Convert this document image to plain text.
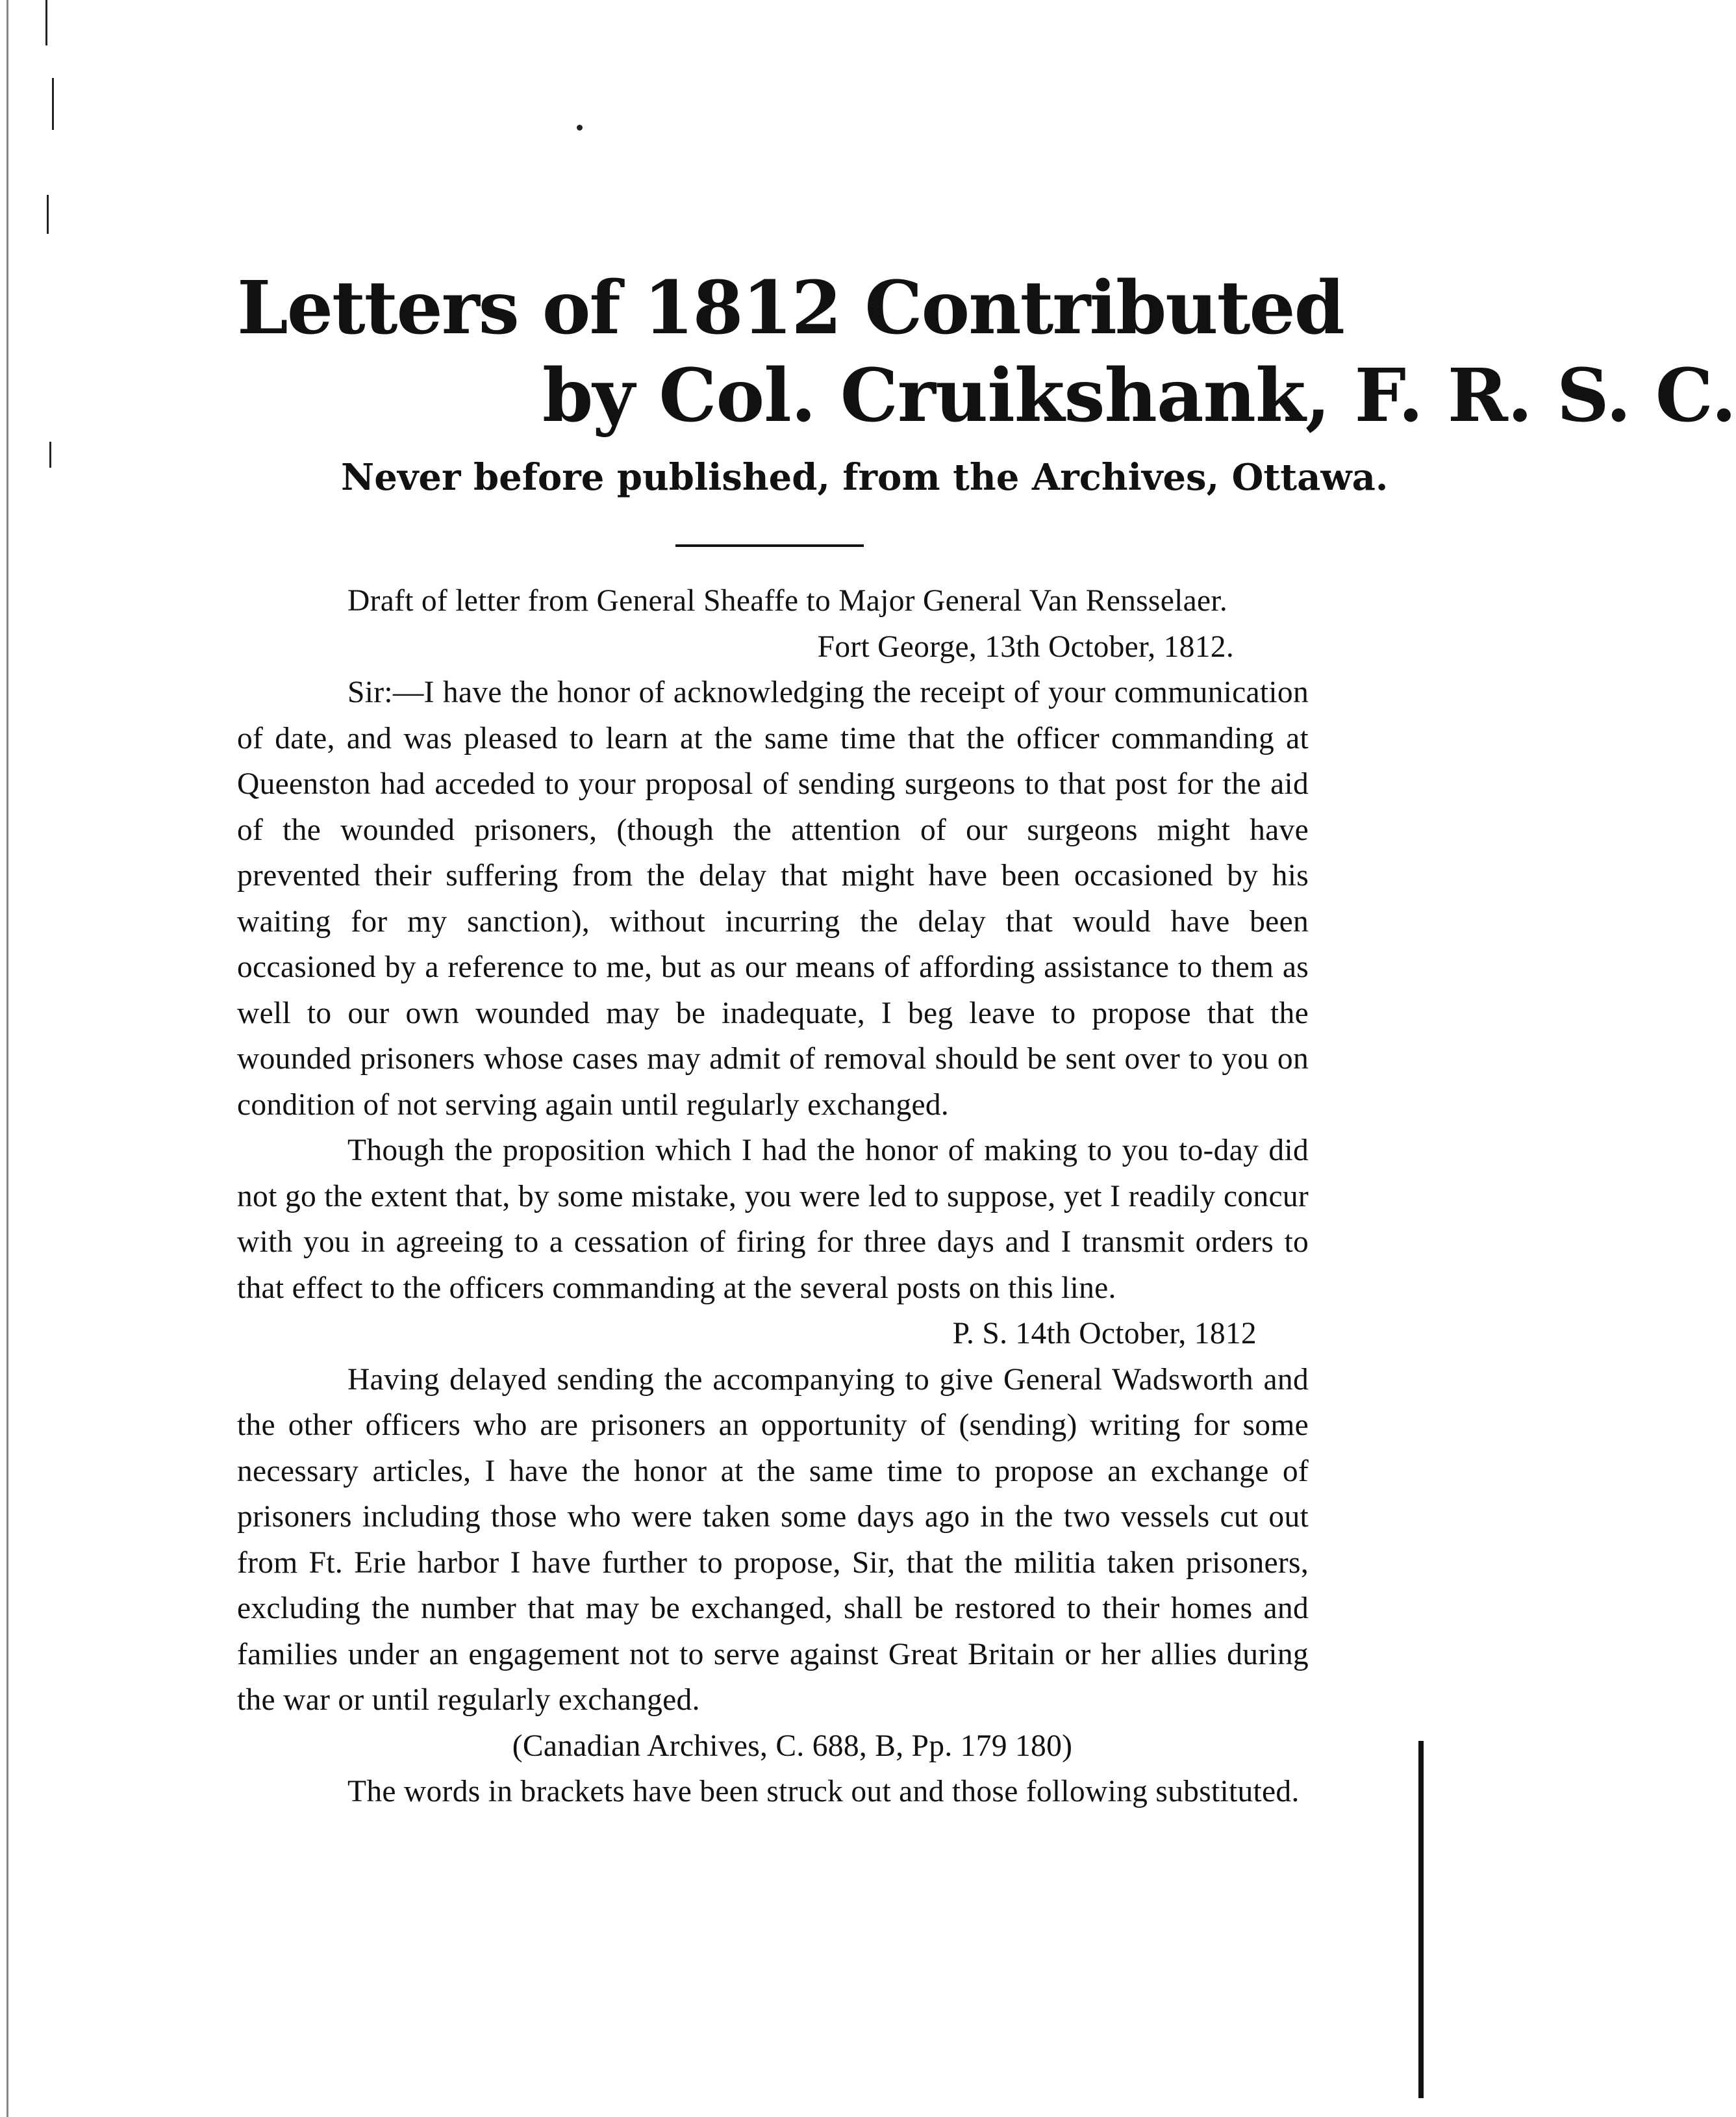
Letters of 1812 Contributed
by Col. Cruikshank, F. R. S. C.
Never before published, from the Archives, Ottawa.

Draft of letter from General Sheaffe to Major General Van Rensselaer.

Fort George, 13th October, 1812.

Sir:—I have the honor of acknowledging the receipt of your communication of date, and was pleased to learn at the same time that the officer commanding at Queenston had acceded to your proposal of sending surgeons to that post for the aid of the wounded prisoners, (though the attention of our surgeons might have prevented their suffering from the delay that might have been occasioned by his waiting for my sanction), without incurring the delay that would have been occasioned by a reference to me, but as our means of affording assistance to them as well to our own wounded may be inadequate, I beg leave to propose that the wounded prisoners whose cases may admit of removal should be sent over to you on condition of not serving again until regularly exchanged.

Though the proposition which I had the honor of making to you to-day did not go the extent that, by some mistake, you were led to suppose, yet I readily concur with you in agreeing to a cessation of firing for three days and I transmit orders to that effect to the officers commanding at the several posts on this line.

P. S. 14th October, 1812

Having delayed sending the accompanying to give General Wadsworth and the other officers who are prisoners an opportunity of (sending) writing for some necessary articles, I have the honor at the same time to propose an exchange of prisoners including those who were taken some days ago in the two vessels cut out from Ft. Erie harbor I have further to propose, Sir, that the militia taken prisoners, excluding the number that may be exchanged, shall be restored to their homes and families under an engagement not to serve against Great Britain or her allies during the war or until regularly exchanged.

(Canadian Archives, C. 688, B, Pp. 179 180)

The words in brackets have been struck out and those following substituted.
